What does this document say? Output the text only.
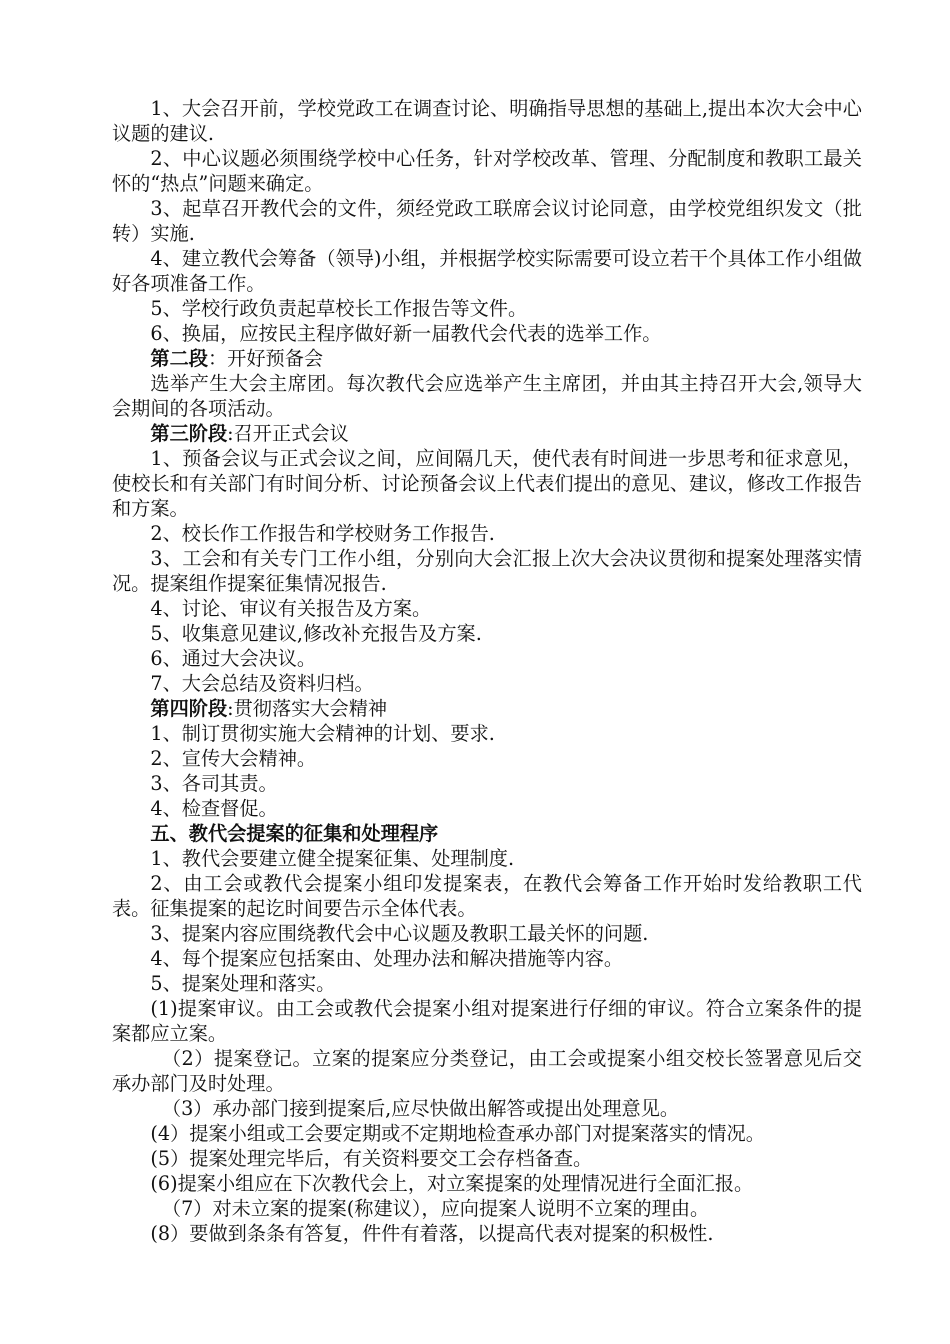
1、大会召开前，学校党政工在调查讨论、明确指导思想的基础上,提出本次大会中心议题的建议.

2、中心议题必须围绕学校中心任务，针对学校改革、管理、分配制度和教职工最关怀的“热点”问题来确定。

3、起草召开教代会的文件，须经党政工联席会议讨论同意，由学校党组织发文（批转）实施.

4、建立教代会筹备（领导)小组，并根据学校实际需要可设立若干个具体工作小组做好各项准备工作。

5、学校行政负责起草校长工作报告等文件。

6、换届，应按民主程序做好新一届教代会代表的选举工作。

第二段：开好预备会

选举产生大会主席团。每次教代会应选举产生主席团，并由其主持召开大会,领导大会期间的各项活动。

第三阶段:召开正式会议

1、预备会议与正式会议之间，应间隔几天，使代表有时间进一步思考和征求意见，使校长和有关部门有时间分析、讨论预备会议上代表们提出的意见、建议，修改工作报告和方案。

2、校长作工作报告和学校财务工作报告.

3、工会和有关专门工作小组，分别向大会汇报上次大会决议贯彻和提案处理落实情况。提案组作提案征集情况报告.

4、讨论、审议有关报告及方案。

5、收集意见建议,修改补充报告及方案.

6、通过大会决议。

7、大会总结及资料归档。

第四阶段:贯彻落实大会精神

1、制订贯彻实施大会精神的计划、要求.

2、宣传大会精神。

3、各司其责。

4、检查督促。

五、教代会提案的征集和处理程序

1、教代会要建立健全提案征集、处理制度.

2、由工会或教代会提案小组印发提案表，在教代会筹备工作开始时发给教职工代表。征集提案的起讫时间要告示全体代表。

3、提案内容应围绕教代会中心议题及教职工最关怀的问题.

4、每个提案应包括案由、处理办法和解决措施等内容。

5、提案处理和落实。

(1)提案审议。由工会或教代会提案小组对提案进行仔细的审议。符合立案条件的提案都应立案。

（2）提案登记。立案的提案应分类登记，由工会或提案小组交校长签署意见后交承办部门及时处理。

（3）承办部门接到提案后,应尽快做出解答或提出处理意见。

(4）提案小组或工会要定期或不定期地检查承办部门对提案落实的情况。

(5）提案处理完毕后，有关资料要交工会存档备查。

(6)提案小组应在下次教代会上，对立案提案的处理情况进行全面汇报。

（7）对未立案的提案(称建议），应向提案人说明不立案的理由。

(8）要做到条条有答复，件件有着落，以提高代表对提案的积极性.
